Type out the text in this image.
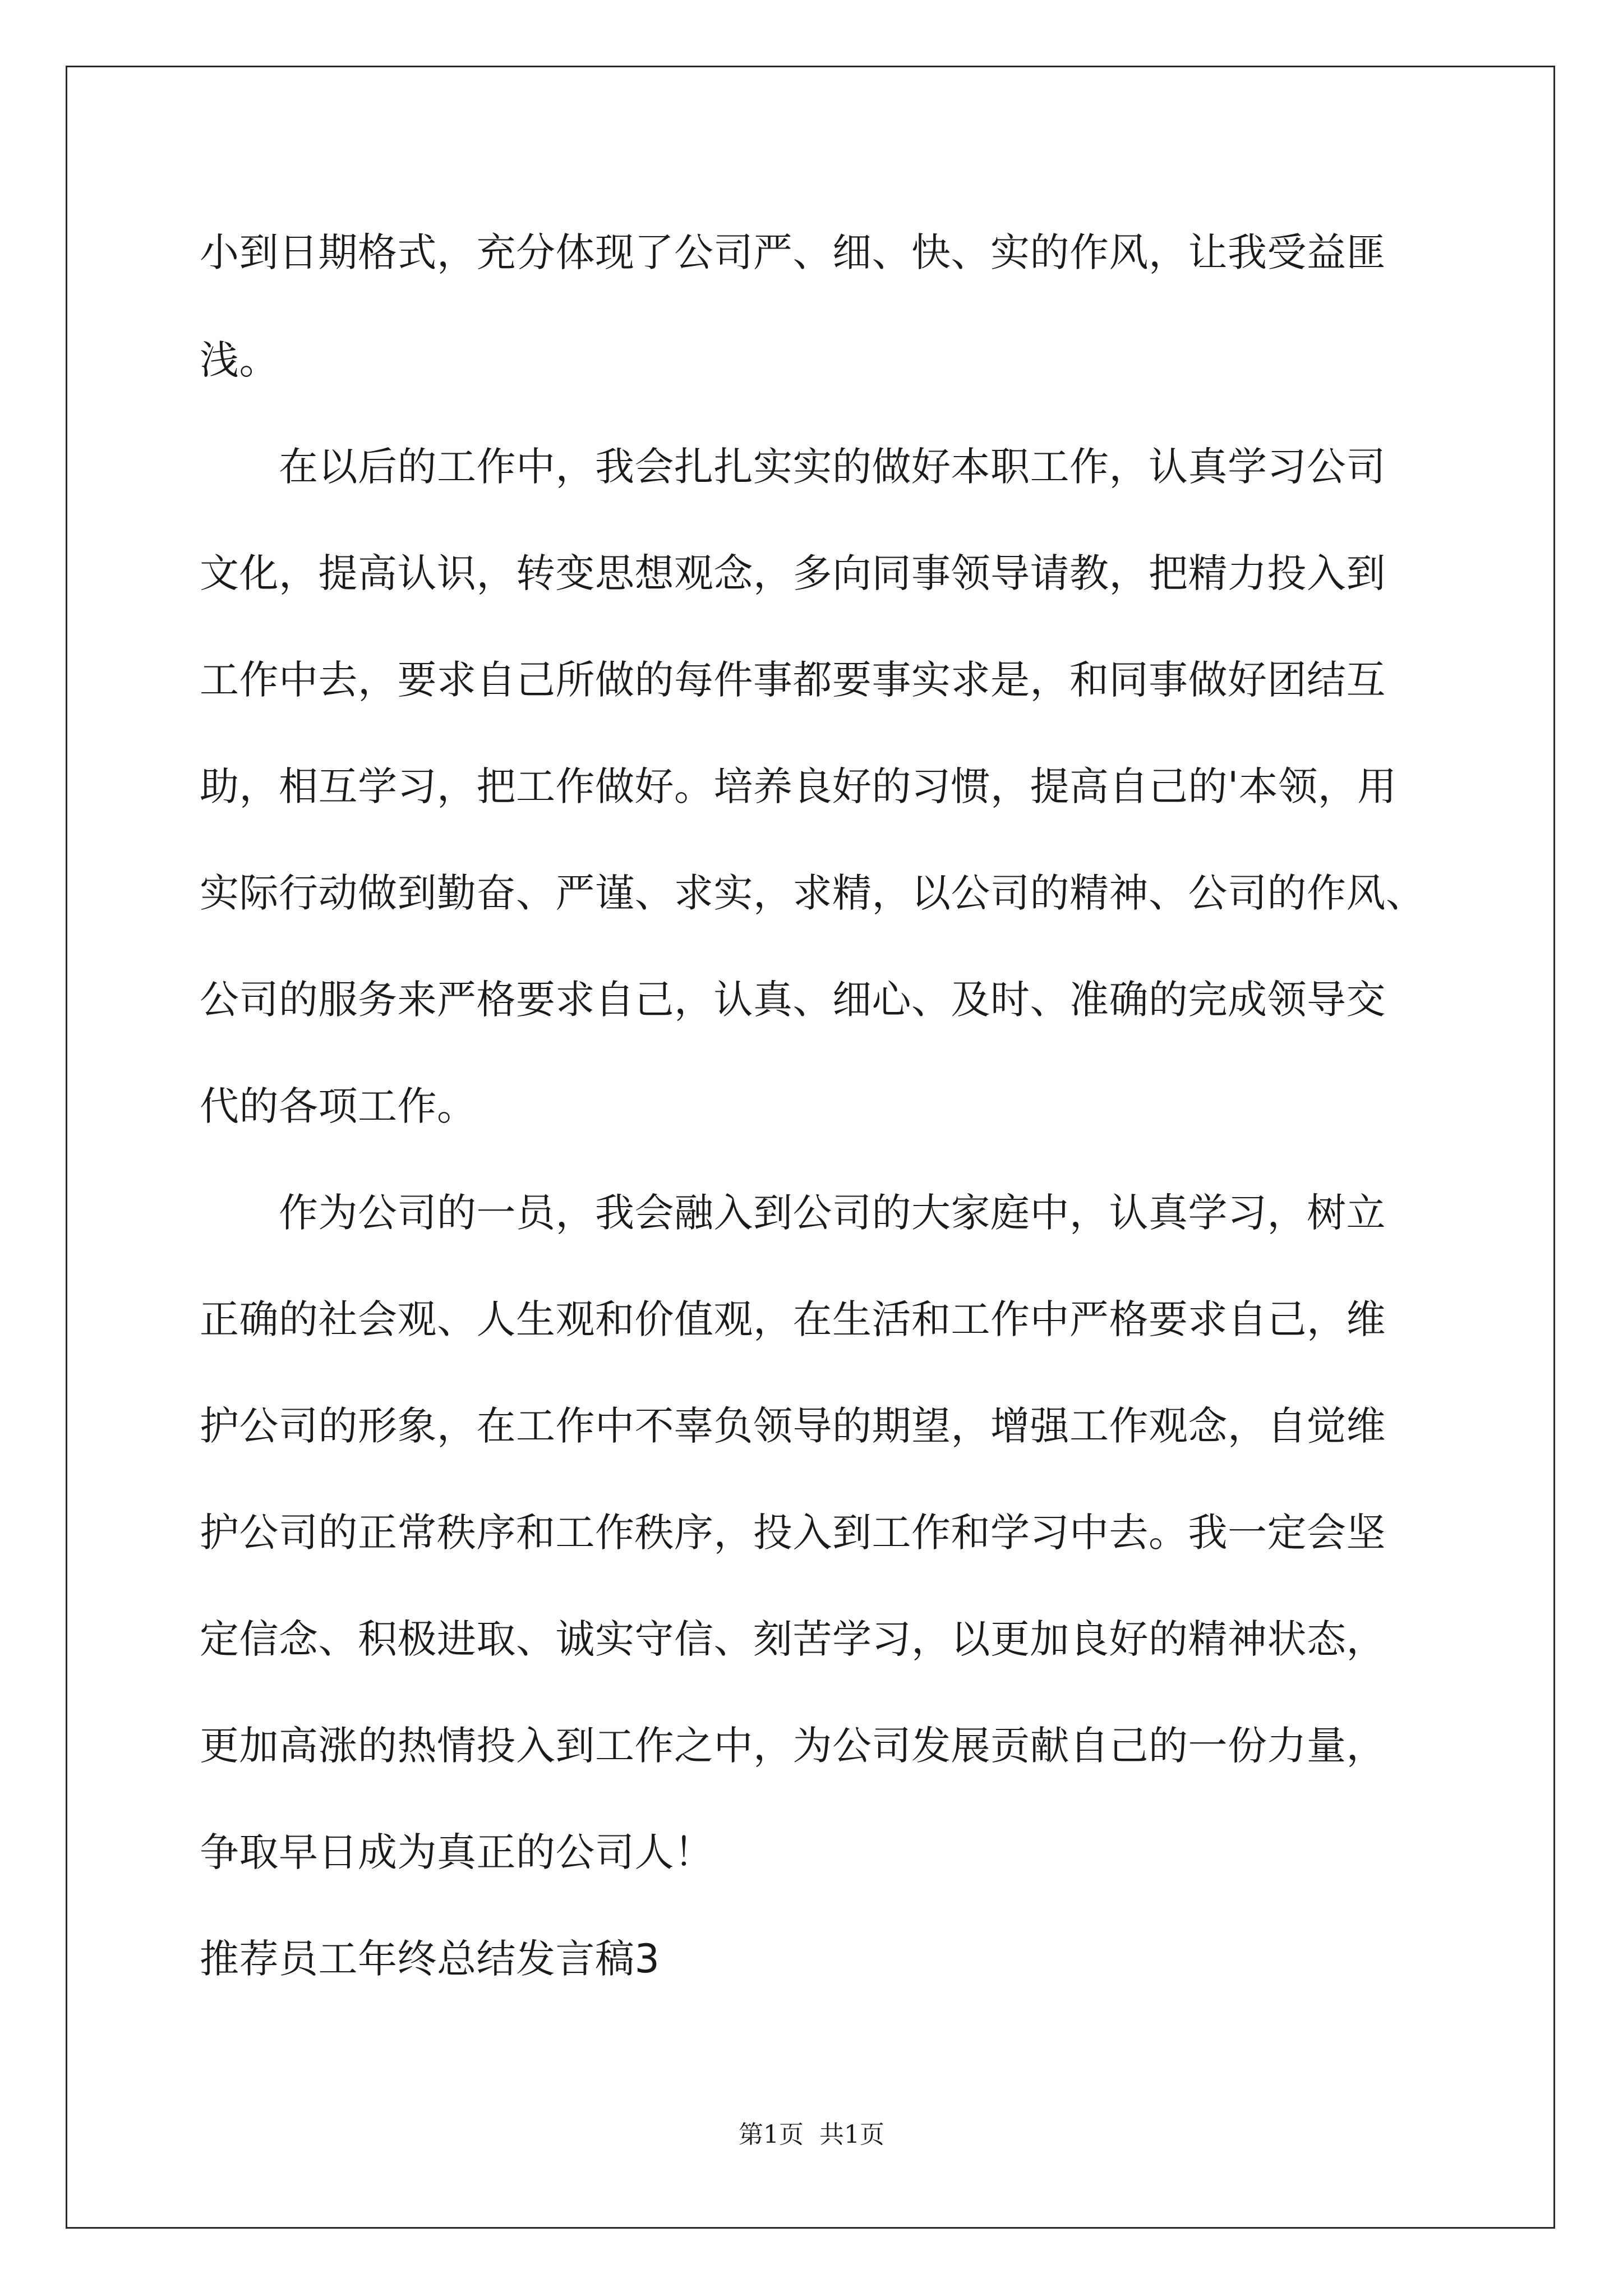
小到日期格式，充分体现了公司严、细、快、实的作风，让我受益匪
浅。
　　在以后的工作中，我会扎扎实实的做好本职工作，认真学习公司
文化，提高认识，转变思想观念，多向同事领导请教，把精力投入到
工作中去，要求自己所做的每件事都要事实求是，和同事做好团结互
助，相互学习，把工作做好。培养良好的习惯，提高自己的'本领，用
实际行动做到勤奋、严谨、求实，求精，以公司的精神、公司的作风、
公司的服务来严格要求自己，认真、细心、及时、准确的完成领导交
代的各项工作。
　　作为公司的一员，我会融入到公司的大家庭中，认真学习，树立
正确的社会观、人生观和价值观，在生活和工作中严格要求自己，维
护公司的形象，在工作中不辜负领导的期望，增强工作观念，自觉维
护公司的正常秩序和工作秩序，投入到工作和学习中去。我一定会坚
定信念、积极进取、诚实守信、刻苦学习，以更加良好的精神状态，
更加高涨的热情投入到工作之中，为公司发展贡献自己的一份力量，
争取早日成为真正的公司人！
推荐员工年终总结发言稿3
第1页  共1页
